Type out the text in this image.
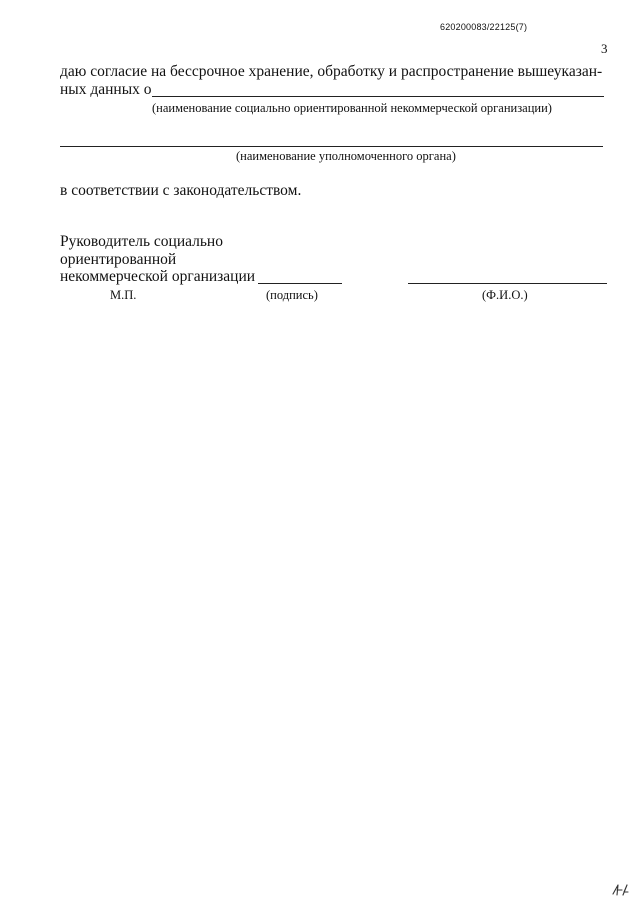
620200083/22125(7)
3
даю согласие на бессрочное хранение, обработку и распространение вышеуказан-
ных данных о
(наименование социально ориентированной некоммерческой организации)
(наименование уполномоченного органа)
в соответствии с законодательством.
Руководитель социально
ориентированной
некоммерческой организации
М.П.	(подпись)	(Ф.И.О.)
